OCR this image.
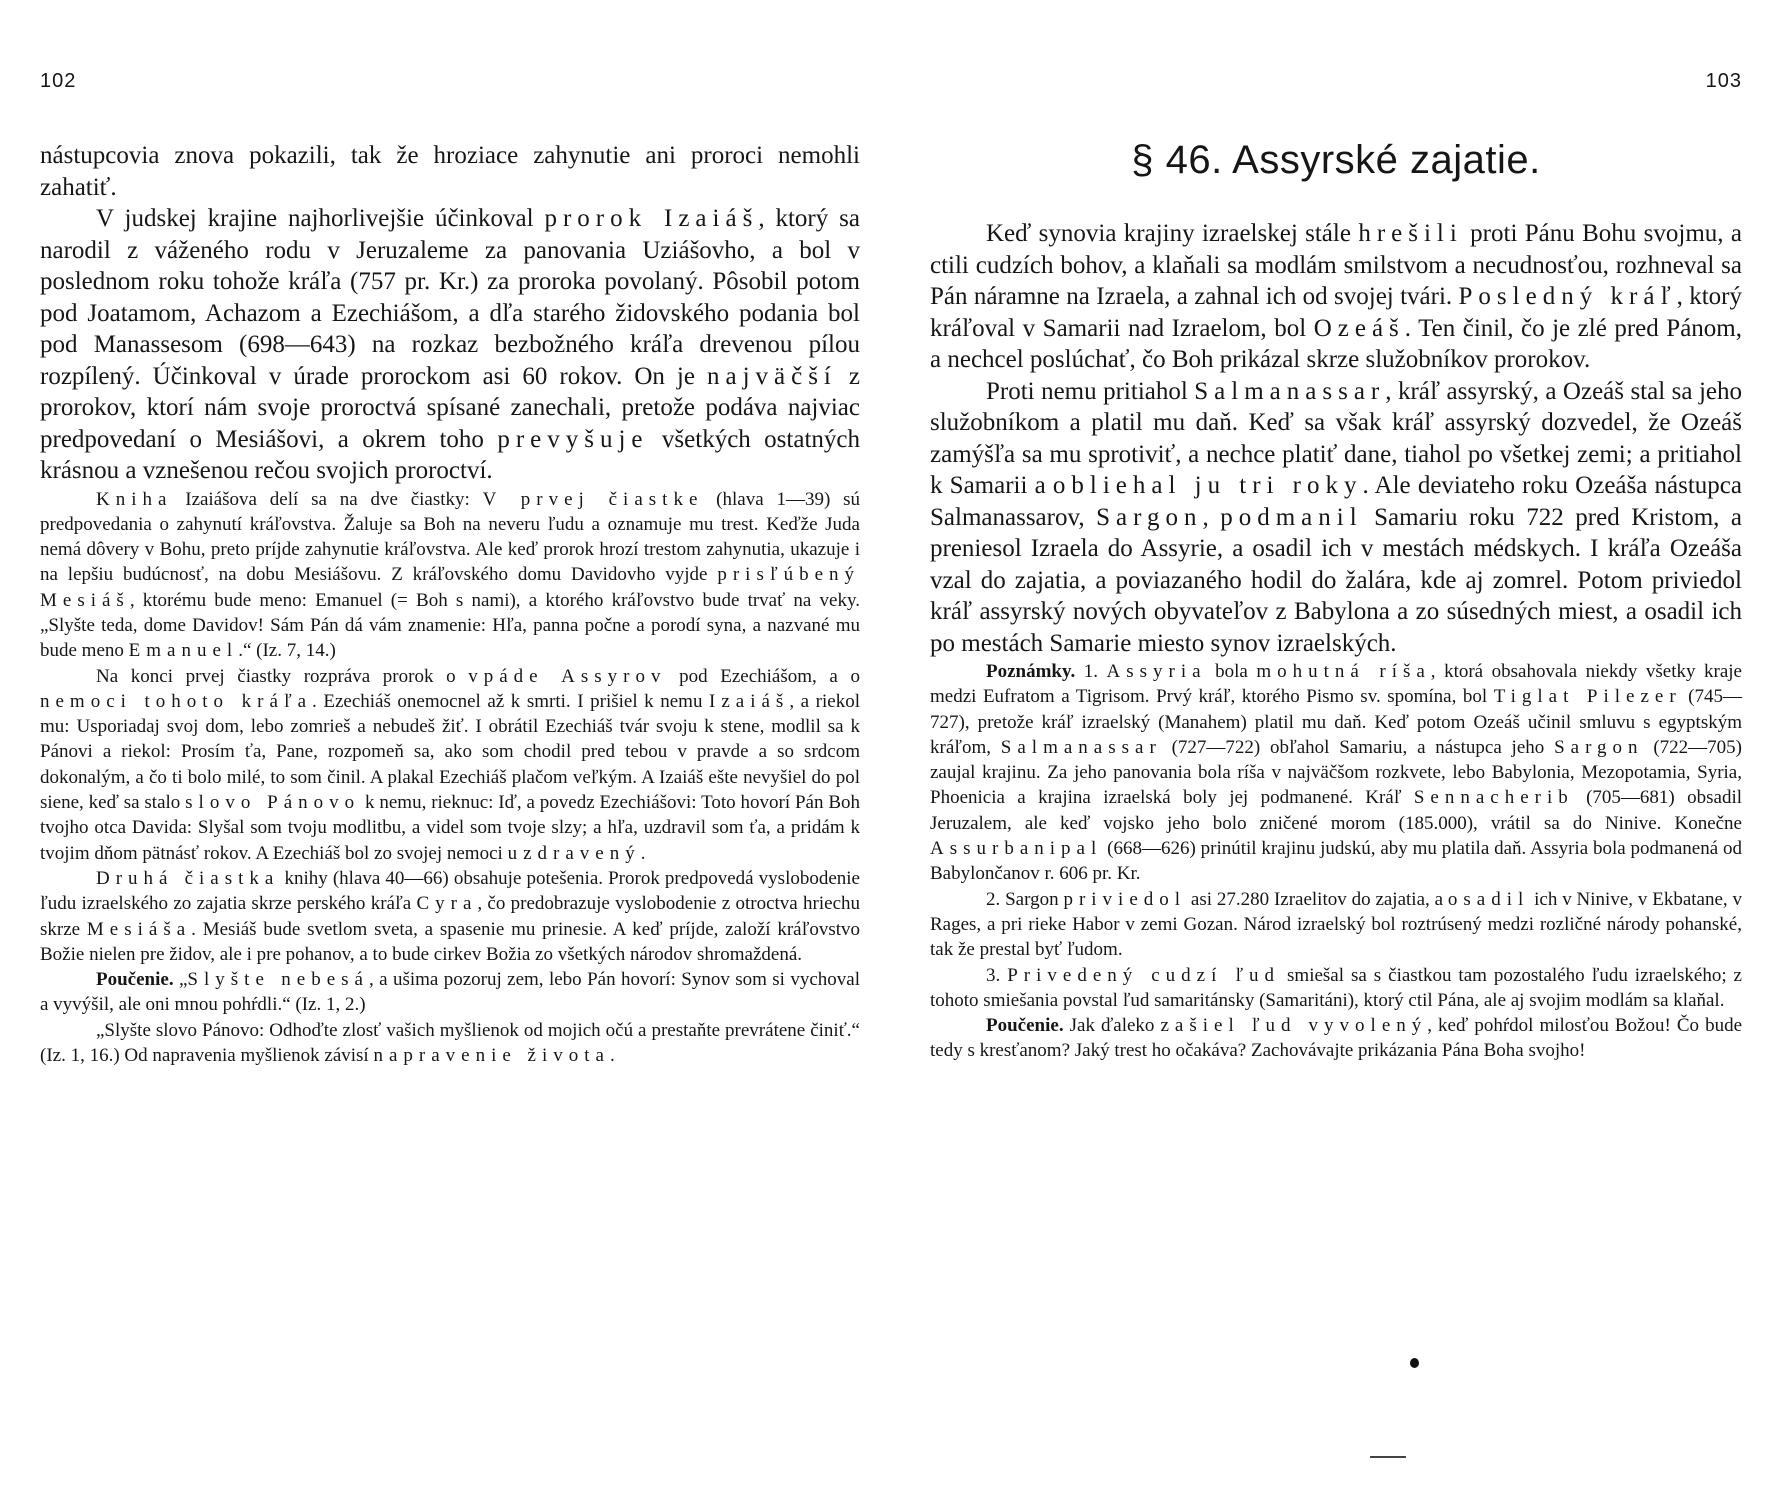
102

nástupcovia znova pokazili, tak že hroziace zahynutie ani proroci nemohli zahatiť.

V judskej krajine najhorlivejšie účinkoval prorok Izaiáš, ktorý sa narodil z váženého rodu v Jeruzaleme za panovania Uziášovho, a bol v poslednom roku tohože kráľa (757 pr. Kr.) za proroka povolaný. Pôsobil potom pod Joatamom, Achazom a Ezechiášom, a dľa starého židovského podania bol pod Manassesom (698—643) na rozkaz bezbožného kráľa drevenou pílou rozpílený. Účinkoval v úrade prorockom asi 60 rokov. On je najväčší z prorokov, ktorí nám svoje proroctvá spísané zanechali, pretože podáva najviac predpovedaní o Mesiášovi, a okrem toho prevyšuje všetkých ostatných krásnou a vznešenou rečou svojich proroctví.

Kniha Izaiášova delí sa na dve čiastky: V prvej čiastke (hlava 1—39) sú predpovedania o zahynutí kráľovstva. Žaluje sa Boh na neveru ľudu a oznamuje mu trest. Keďže Juda nemá dôvery v Bohu, preto príjde zahynutie kráľovstva. Ale keď prorok hrozí trestom zahynutia, ukazuje i na lepšiu budúcnosť, na dobu Mesiášovu. Z kráľovského domu Davidovho vyjde prisľúbený Mesiáš, ktorému bude meno: Emanuel (= Boh s nami), a ktorého kráľovstvo bude trvať na veky. „Slyšte teda, dome Davidov! Sám Pán dá vám znamenie: Hľa, panna počne a porodí syna, a nazvané mu bude meno Emanuel.“ (Iz. 7, 14.)

Na konci prvej čiastky rozpráva prorok o vpáde Assyrov pod Ezechiášom, a o nemoci tohoto kráľa. Ezechiáš onemocnel až k smrti. I prišiel k nemu Izaiáš, a riekol mu: Usporiadaj svoj dom, lebo zomrieš a nebudeš žiť. I obrátil Ezechiáš tvár svoju k stene, modlil sa k Pánovi a riekol: Prosím ťa, Pane, rozpomeň sa, ako som chodil pred tebou v pravde a so srdcom dokonalým, a čo ti bolo milé, to som činil. A plakal Ezechiáš plačom veľkým. A Izaiáš ešte nevyšiel do pol siene, keď sa stalo slovo Pánovo k nemu, rieknuc: Iď, a povedz Ezechiášovi: Toto hovorí Pán Boh tvojho otca Davida: Slyšal som tvoju modlitbu, a videl som tvoje slzy; a hľa, uzdravil som ťa, a pridám k tvojim dňom pätnásť rokov. A Ezechiáš bol zo svojej nemoci uzdravený.

Druhá čiastka knihy (hlava 40—66) obsahuje potešenia. Prorok predpovedá vyslobodenie ľudu izraelského zo zajatia skrze perského kráľa Cyra, čo predobrazuje vyslobodenie z otroctva hriechu skrze Mesiáša. Mesiáš bude svetlom sveta, a spasenie mu prinesie. A keď príjde, založí kráľovstvo Božie nielen pre židov, ale i pre pohanov, a to bude cirkev Božia zo všetkých národov shromaždená.

Poučenie. „Slyšte nebesá, a ušima pozoruj zem, lebo Pán hovorí: Synov som si vychoval a vyvýšil, ale oni mnou pohŕdli.“ (Iz. 1, 2.)

„Slyšte slovo Pánovo: Odhoďte zlosť vašich myšlienok od mojich očú a prestaňte prevrátene činiť.“ (Iz. 1, 16.) Od napravenia myšlienok závisí napravenie života.

103
§ 46. Assyrské zajatie.

Keď synovia krajiny izraelskej stále hrešili proti Pánu Bohu svojmu, a ctili cudzích bohov, a klaňali sa modlám smilstvom a necudnosťou, rozhneval sa Pán náramne na Izraela, a zahnal ich od svojej tvári. Posledný kráľ, ktorý kráľoval v Samarii nad Izraelom, bol Ozeáš. Ten činil, čo je zlé pred Pánom, a nechcel poslúchať, čo Boh prikázal skrze služobníkov prorokov.

Proti nemu pritiahol Salmanassar, kráľ assyrský, a Ozeáš stal sa jeho služobníkom a platil mu daň. Keď sa však kráľ assyrský dozvedel, že Ozeáš zamýšľa sa mu sprotiviť, a nechce platiť dane, tiahol po všetkej zemi; a pritiahol k Samarii a obliehal ju tri roky. Ale deviateho roku Ozeáša nástupca Salmanassarov, Sargon, podmanil Samariu roku 722 pred Kristom, a preniesol Izraela do Assyrie, a osadil ich v mestách médskych. I kráľa Ozeáša vzal do zajatia, a poviazaného hodil do žalára, kde aj zomrel. Potom priviedol kráľ assyrský nových obyvateľov z Babylona a zo súsedných miest, a osadil ich po mestách Samarie miesto synov izraelských.

Poznámky. 1. Assyria bola mohutná ríša, ktorá obsahovala niekdy všetky kraje medzi Eufratom a Tigrisom. Prvý kráľ, ktorého Pismo sv. spomína, bol Tiglat Pilezer (745—727), pretože kráľ izraelský (Manahem) platil mu daň. Keď potom Ozeáš učinil smluvu s egyptským kráľom, Salmanassar (727—722) obľahol Samariu, a nástupca jeho Sargon (722—705) zaujal krajinu. Za jeho panovania bola ríša v najväčšom rozkvete, lebo Babylonia, Mezopotamia, Syria, Phoenicia a krajina izraelská boly jej podmanené. Kráľ Sennacherib (705—681) obsadil Jeruzalem, ale keď vojsko jeho bolo zničené morom (185.000), vrátil sa do Ninive. Konečne Assurbanipal (668—626) prinútil krajinu judskú, aby mu platila daň. Assyria bola podmanená od Babylončanov r. 606 pr. Kr.

2. Sargon priviedol asi 27.280 Izraelitov do zajatia, a osadil ich v Ninive, v Ekbatane, v Rages, a pri rieke Habor v zemi Gozan. Národ izraelský bol roztrúsený medzi rozličné národy pohanské, tak že prestal byť ľudom.

3. Privedený cudzí ľud smiešal sa s čiastkou tam pozostalého ľudu izraelského; z tohoto smiešania povstal ľud samaritánsky (Samaritáni), ktorý ctil Pána, ale aj svojim modlám sa klaňal.

Poučenie. Jak ďaleko zašiel ľud vyvolený, keď pohŕdol milosťou Božou! Čo bude tedy s kresťanom? Jaký trest ho očakáva? Zachovávajte prikázania Pána Boha svojho!
